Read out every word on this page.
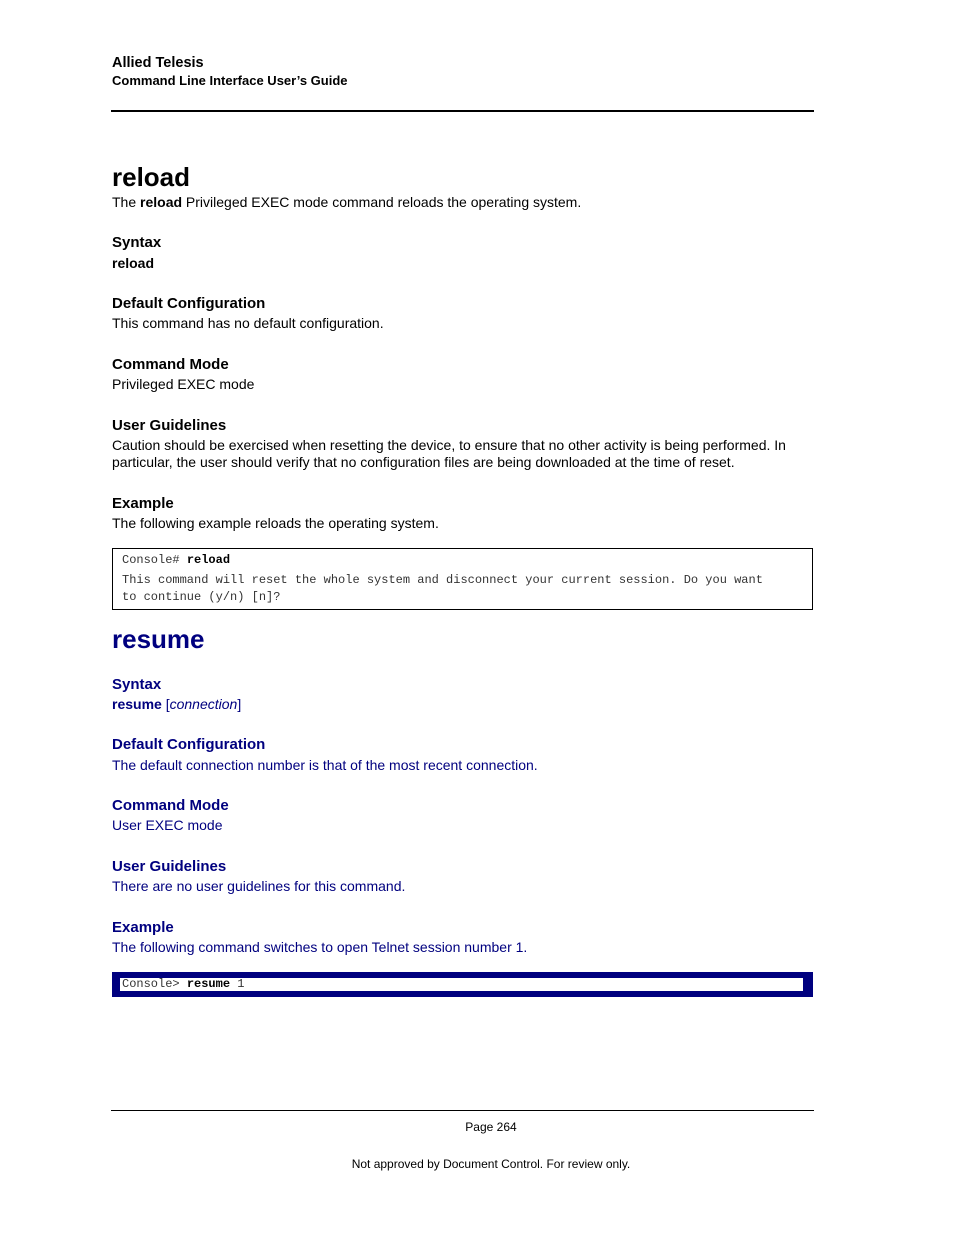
Allied Telesis
Command Line Interface User’s Guide
reload
The reload Privileged EXEC mode command reloads the operating system.
Syntax
reload
Default Configuration
This command has no default configuration.
Command Mode
Privileged EXEC mode
User Guidelines
Caution should be exercised when resetting the device, to ensure that no other activity is being performed. In particular, the user should verify that no configuration files are being downloaded at the time of reset.
Example
The following example reloads the operating system.
Console# reload
This command will reset the whole system and disconnect your current session. Do you want
to continue (y/n) [n]?
resume
Syntax
resume [connection]
Default Configuration
The default connection number is that of the most recent connection.
Command Mode
User EXEC mode
User Guidelines
There are no user guidelines for this command.
Example
The following command switches to open Telnet session number 1.
Console> resume 1
Page 264
Not approved by Document Control. For review only.
